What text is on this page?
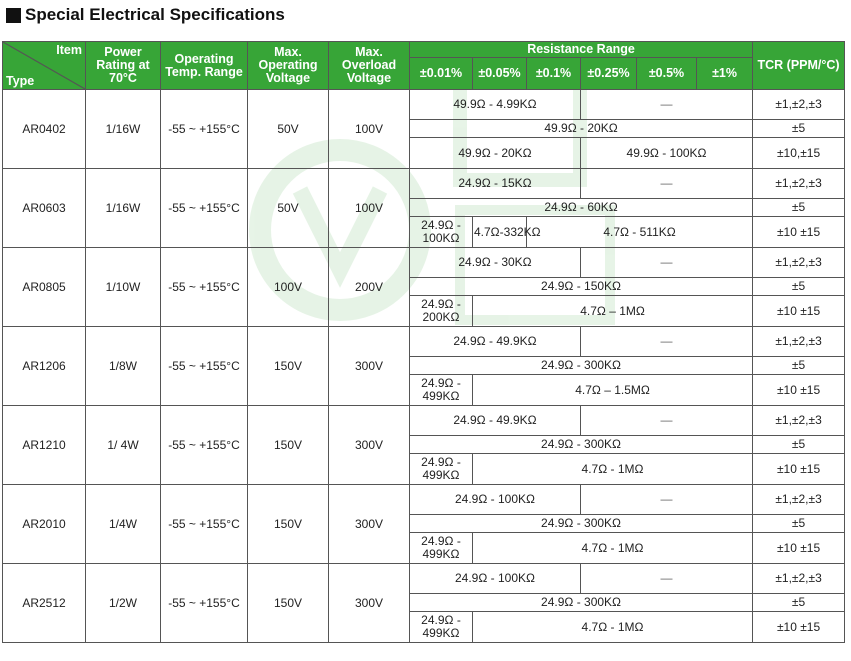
Special Electrical Specifications
Item
Type	Power Rating at 70°C	Operating Temp. Range	Max. Operating Voltage	Max. Overload Voltage	Resistance Range						TCR (PPM/°C)
					±0.01%	±0.05%	±0.1%	±0.25%	±0.5%	±1%	
AR0402	1/16W	-55 ~ +155°C	50V	100V	49.9Ω - 4.99KΩ			—			±1,±2,±3
					49.9Ω - 20KΩ						±5
					49.9Ω - 20KΩ			49.9Ω - 100KΩ			±10,±15
AR0603	1/16W	-55 ~ +155°C	50V	100V	24.9Ω - 15KΩ			—			±1,±2,±3
					24.9Ω - 60KΩ						±5
					24.9Ω - 100KΩ	4.7Ω-332KΩ	4.7Ω - 511KΩ				±10 ±15
AR0805	1/10W	-55 ~ +155°C	100V	200V	24.9Ω - 30KΩ			—			±1,±2,±3
					24.9Ω - 150KΩ						±5
					24.9Ω - 200KΩ	4.7Ω – 1MΩ					±10 ±15
AR1206	1/8W	-55 ~ +155°C	150V	300V	24.9Ω - 49.9KΩ			—			±1,±2,±3
					24.9Ω - 300KΩ						±5
					24.9Ω - 499KΩ	4.7Ω – 1.5MΩ					±10 ±15
AR1210	1/ 4W	-55 ~ +155°C	150V	300V	24.9Ω - 49.9KΩ			—			±1,±2,±3
					24.9Ω - 300KΩ						±5
					24.9Ω - 499KΩ	4.7Ω - 1MΩ					±10 ±15
AR2010	1/4W	-55 ~ +155°C	150V	300V	24.9Ω - 100KΩ			—			±1,±2,±3
					24.9Ω - 300KΩ						±5
					24.9Ω - 499KΩ	4.7Ω - 1MΩ					±10 ±15
AR2512	1/2W	-55 ~ +155°C	150V	300V	24.9Ω - 100KΩ			—			±1,±2,±3
					24.9Ω - 300KΩ						±5
					24.9Ω - 499KΩ	4.7Ω - 1MΩ					±10 ±15
